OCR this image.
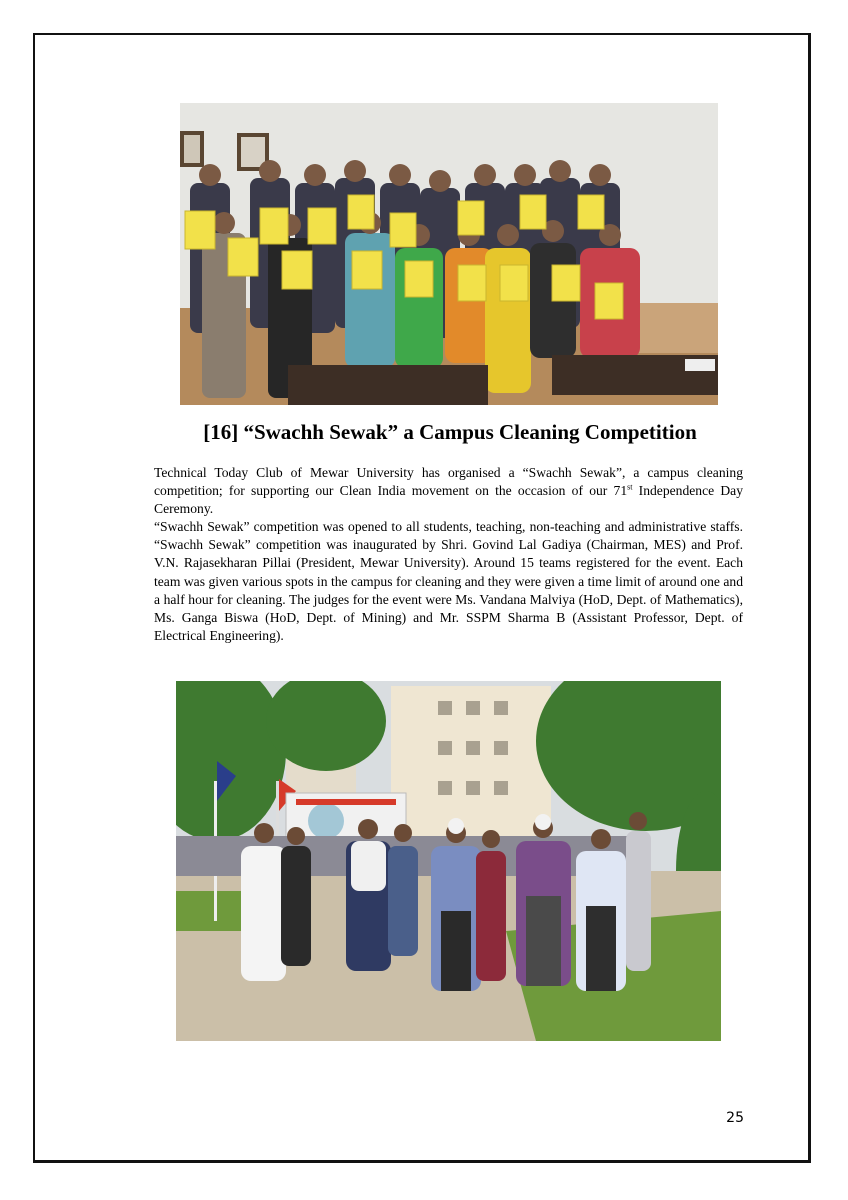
[16] “Swachh Sewak” a Campus Cleaning Competition

Technical Today Club of Mewar University has organised a “Swachh Sewak”, a campus cleaning competition; for supporting our Clean India movement on the occasion of our 71st Independence Day Ceremony.

“Swachh Sewak” competition was opened to all students, teaching, non-teaching and administrative staffs. “Swachh Sewak” competition was inaugurated by Shri. Govind Lal Gadiya (Chairman, MES) and Prof. V.N. Rajasekharan Pillai (President, Mewar University). Around 15 teams registered for the event. Each team was given various spots in the campus for cleaning and they were given a time limit of around one and a half hour for cleaning. The judges for the event were Ms. Vandana Malviya (HoD, Dept. of Mathematics), Ms. Ganga Biswa (HoD, Dept. of Mining) and Mr. SSPM Sharma B (Assistant Professor, Dept. of Electrical Engineering).

25
